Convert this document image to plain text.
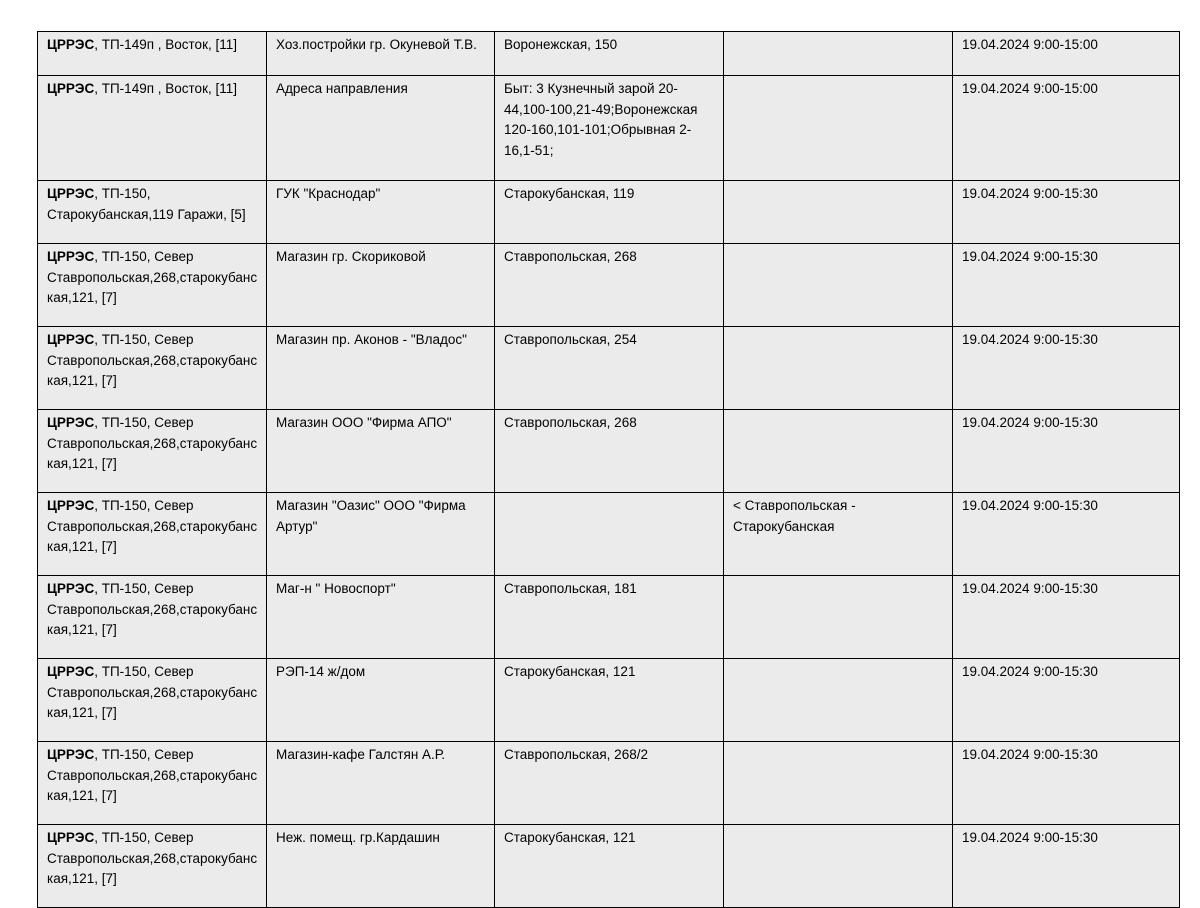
ЦРРЭС, ТП-149п , Восток, [11]	Хоз.постройки гр. Окуневой Т.В.	Воронежская, 150		19.04.2024 9:00-15:00
ЦРРЭС, ТП-149п , Восток, [11]	Адреса направления	Быт: 3 Кузнечный зарой 20-44,100-100,21-49;Воронежская 120-160,101-101;Обрывная 2-16,1-51;		19.04.2024 9:00-15:00
ЦРРЭС, ТП-150, Старокубанская,119 Гаражи, [5]	ГУК "Краснодар"	Старокубанская, 119		19.04.2024 9:00-15:30
ЦРРЭС, ТП-150, Север Ставропольская,268,старокубанская,121, [7]	Магазин гр. Скориковой	Ставропольская, 268		19.04.2024 9:00-15:30
ЦРРЭС, ТП-150, Север Ставропольская,268,старокубанская,121, [7]	Магазин пр. Аконов - "Владос"	Ставропольская, 254		19.04.2024 9:00-15:30
ЦРРЭС, ТП-150, Север Ставропольская,268,старокубанская,121, [7]	Магазин ООО "Фирма АПО"	Ставропольская, 268		19.04.2024 9:00-15:30
ЦРРЭС, ТП-150, Север Ставропольская,268,старокубанская,121, [7]	Магазин "Оазис" ООО "Фирма Артур"		< Ставропольская - Старокубанская	19.04.2024 9:00-15:30
ЦРРЭС, ТП-150, Север Ставропольская,268,старокубанская,121, [7]	Маг-н " Новоспорт"	Ставропольская, 181		19.04.2024 9:00-15:30
ЦРРЭС, ТП-150, Север Ставропольская,268,старокубанская,121, [7]	РЭП-14 ж/дом	Старокубанская, 121		19.04.2024 9:00-15:30
ЦРРЭС, ТП-150, Север Ставропольская,268,старокубанская,121, [7]	Магазин-кафе Галстян А.Р.	Ставропольская, 268/2		19.04.2024 9:00-15:30
ЦРРЭС, ТП-150, Север Ставропольская,268,старокубанская,121, [7]	Неж. помещ. гр.Кардашин	Старокубанская, 121		19.04.2024 9:00-15:30
